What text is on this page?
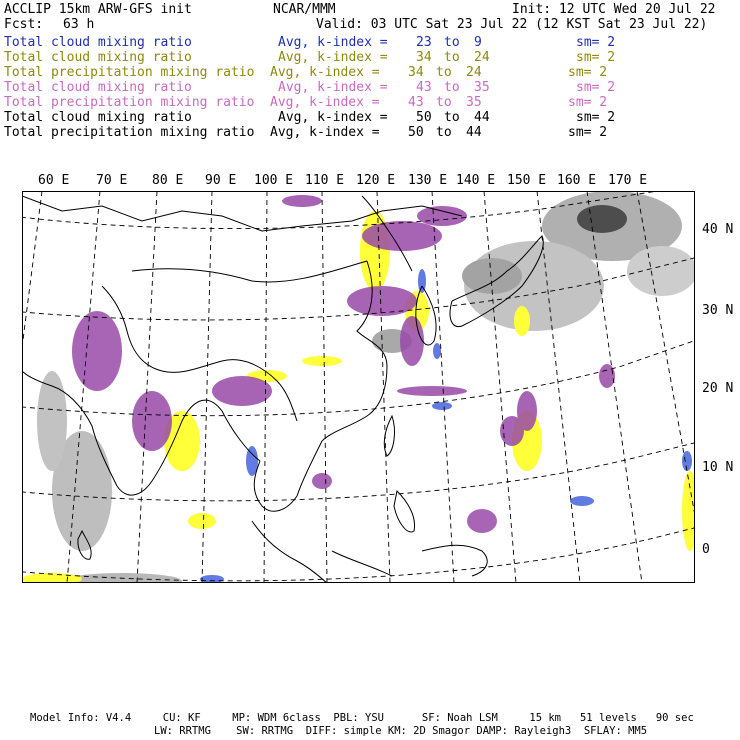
ACCLIP 15km ARW-GFS init	NCAR/MMM	Init: 12 UTC Wed 20 Jul 22
Fcst: 63 h	Valid: 03 UTC Sat 23 Jul 22 (12 KST Sat 23 Jul 22)
Total cloud mixing ratio	Avg, k-index = 23 to 9	sm= 2
Total cloud mixing ratio	Avg, k-index = 34 to 24	sm= 2
Total precipitation mixing ratio Avg, k-index = 34 to 24	sm= 2
Total cloud mixing ratio	Avg, k-index = 43 to 35	sm= 2
Total precipitation mixing ratio Avg, k-index = 43 to 35	sm= 2
Total cloud mixing ratio	Avg, k-index = 50 to 44	sm= 2
Total precipitation mixing ratio Avg, k-index = 50 to 44	sm= 2
60 E 70 E 80 E 90 E 100 E 110 E 120 E 130 E 140 E 150 E 160 E 170 E
40 N
30 N
20 N
10 N
0
Model Info: V4.4     CU: KF     MP: WDM 6class  PBL: YSU      SF: Noah LSM     15 km   51 levels   90 sec
LW: RRTMG    SW: RRTMG  DIFF: simple KM: 2D Smagor DAMP: Rayleigh3  SFLAY: MM5
